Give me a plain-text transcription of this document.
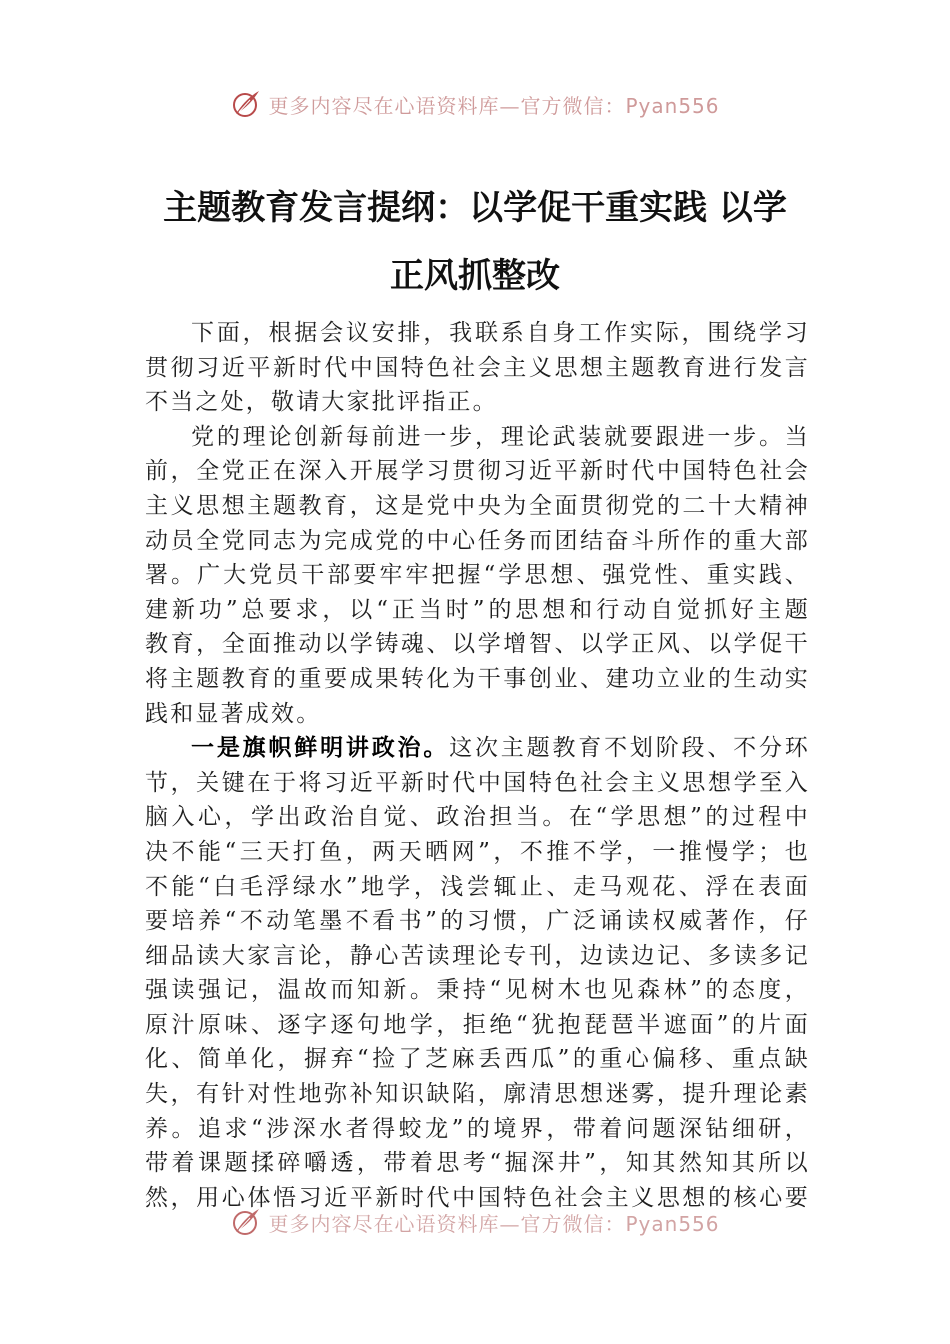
更多内容尽在心语资料库—官方微信：Pyan556
主题教育发言提纲：以学促干重实践 以学
正风抓整改

下面，根据会议安排，我联系自身工作实际，围绕学习
贯彻习近平新时代中国特色社会主义思想主题教育进行发言
不当之处，敬请大家批评指正。

党的理论创新每前进一步，理论武装就要跟进一步。当
前，全党正在深入开展学习贯彻习近平新时代中国特色社会
主义思想主题教育，这是党中央为全面贯彻党的二十大精神
动员全党同志为完成党的中心任务而团结奋斗所作的重大部
署。广大党员干部要牢牢把握“学思想、强党性、重实践、
建新功”总要求，以“正当时”的思想和行动自觉抓好主题
教育，全面推动以学铸魂、以学增智、以学正风、以学促干
将主题教育的重要成果转化为干事创业、建功立业的生动实
践和显著成效。

一是旗帜鲜明讲政治。这次主题教育不划阶段、不分环
节，关键在于将习近平新时代中国特色社会主义思想学至入
脑入心，学出政治自觉、政治担当。在“学思想”的过程中
决不能“三天打鱼，两天晒网”，不推不学，一推慢学；也
不能“白毛浮绿水”地学，浅尝辄止、走马观花、浮在表面
要培养“不动笔墨不看书”的习惯，广泛诵读权威著作，仔
细品读大家言论，静心苦读理论专刊，边读边记、多读多记
强读强记，温故而知新。秉持“见树木也见森林”的态度，
原汁原味、逐字逐句地学，拒绝“犹抱琵琶半遮面”的片面
化、简单化，摒弃“捡了芝麻丢西瓜”的重心偏移、重点缺
失，有针对性地弥补知识缺陷，廓清思想迷雾，提升理论素
养。追求“涉深水者得蛟龙”的境界，带着问题深钻细研，
带着课题揉碎嚼透，带着思考“掘深井”，知其然知其所以
然，用心体悟习近平新时代中国特色社会主义思想的核心要

更多内容尽在心语资料库—官方微信：Pyan556
